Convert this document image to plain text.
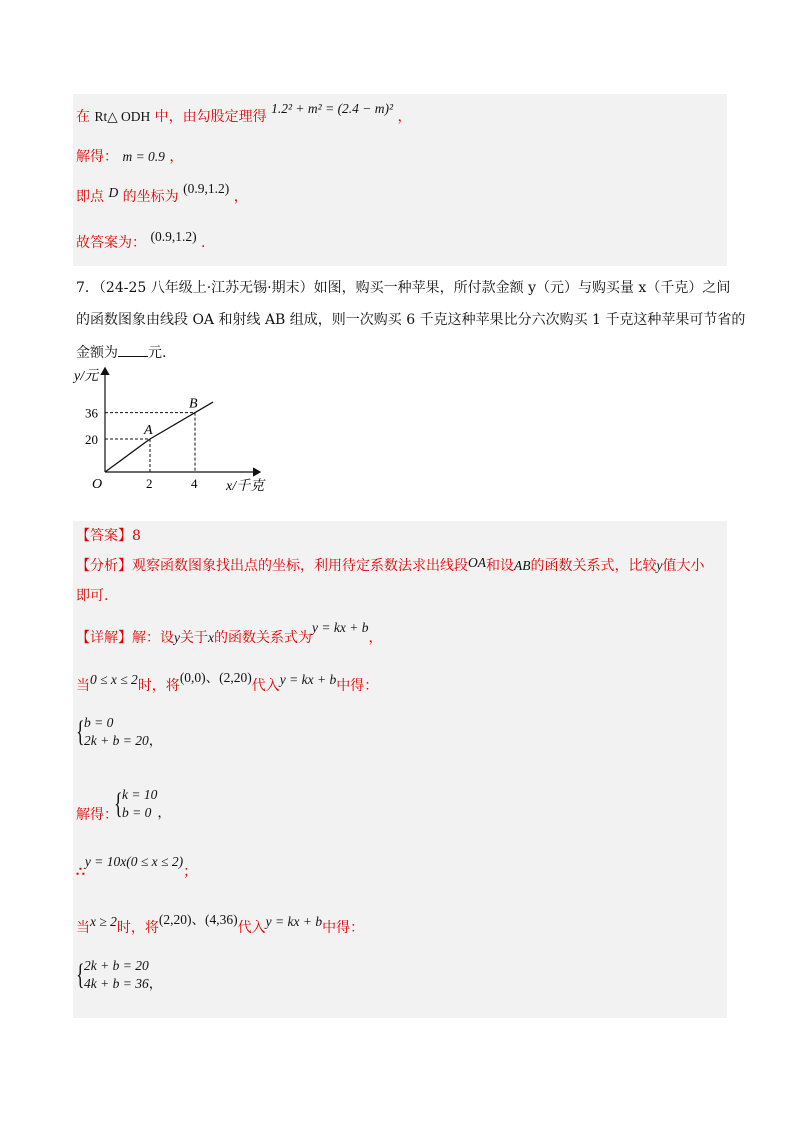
在 Rt△ ODH 中，由勾股定理得 1.2² + m² = (2.4 − m)² ，
解得： m = 0.9 ，
即点 D 的坐标为 (0.9,1.2) ，
故答案为： (0.9,1.2) .
7．（24-25 八年级上·江苏无锡·期末）如图，购买一种苹果，所付款金额 y（元）与购买量 x（千克）之间
的函数图象由线段 OA 和射线 AB 组成，则一次购买 6 千克这种苹果比分六次购买 1 千克这种苹果可节省的
金额为 元.
A
B
2	4
20
36
y/元
x/千克
O
【答案】8
【分析】观察函数图象找出点的坐标，利用待定系数法求出线段OA和设AB的函数关系式，比较y值大小
即可.
【详解】解：设y关于x的函数关系式为y = kx + b，
当0 ≤ x ≤ 2时，将(0,0)、(2,20)代入y = kx + b中得：
{ b = 0
2k + b = 20，
解得：
{ k = 10
b = 0 ，
∴y = 10x(0 ≤ x ≤ 2)；
当x ≥ 2时，将(2,20)、(4,36)代入y = kx + b中得：
{ 2k + b = 20
4k + b = 36，
